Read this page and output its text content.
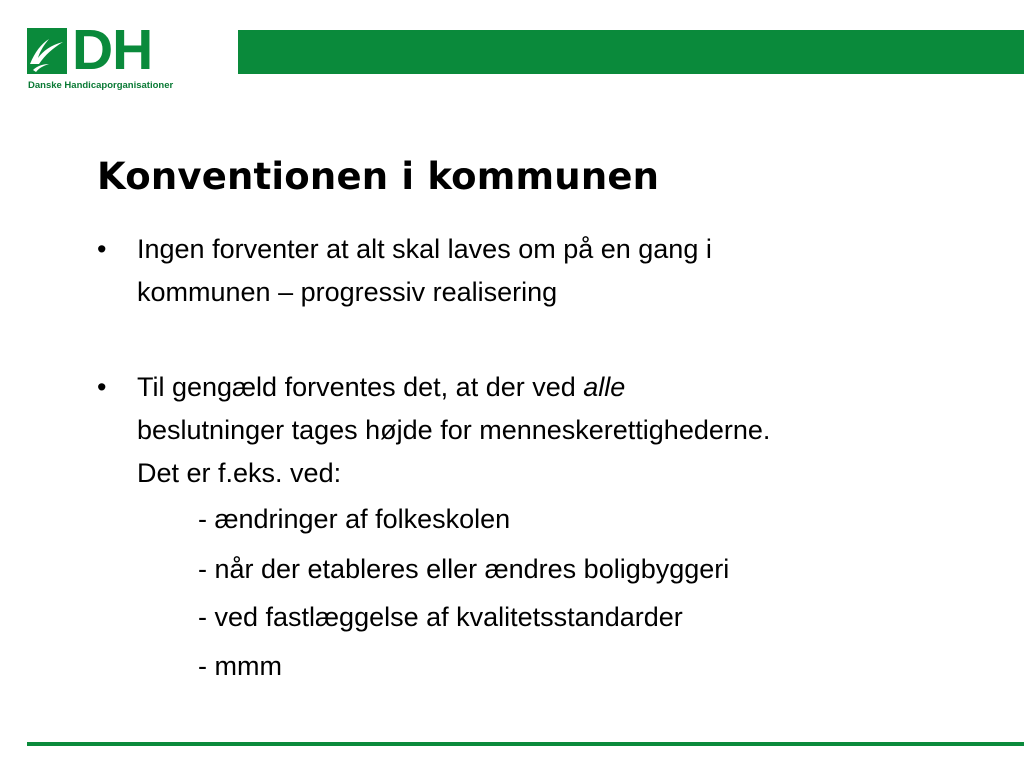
DH
Danske Handicaporganisationer
Konventionen i kommunen
• Ingen forventer at alt skal laves om på en gang i
kommunen – progressiv realisering
• Til gengæld forventes det, at der ved alle
beslutninger tages højde for menneskerettighederne.
Det er f.eks. ved:
- ændringer af folkeskolen
- når der etableres eller ændres boligbyggeri
- ved fastlæggelse af kvalitetsstandarder
- mmm
